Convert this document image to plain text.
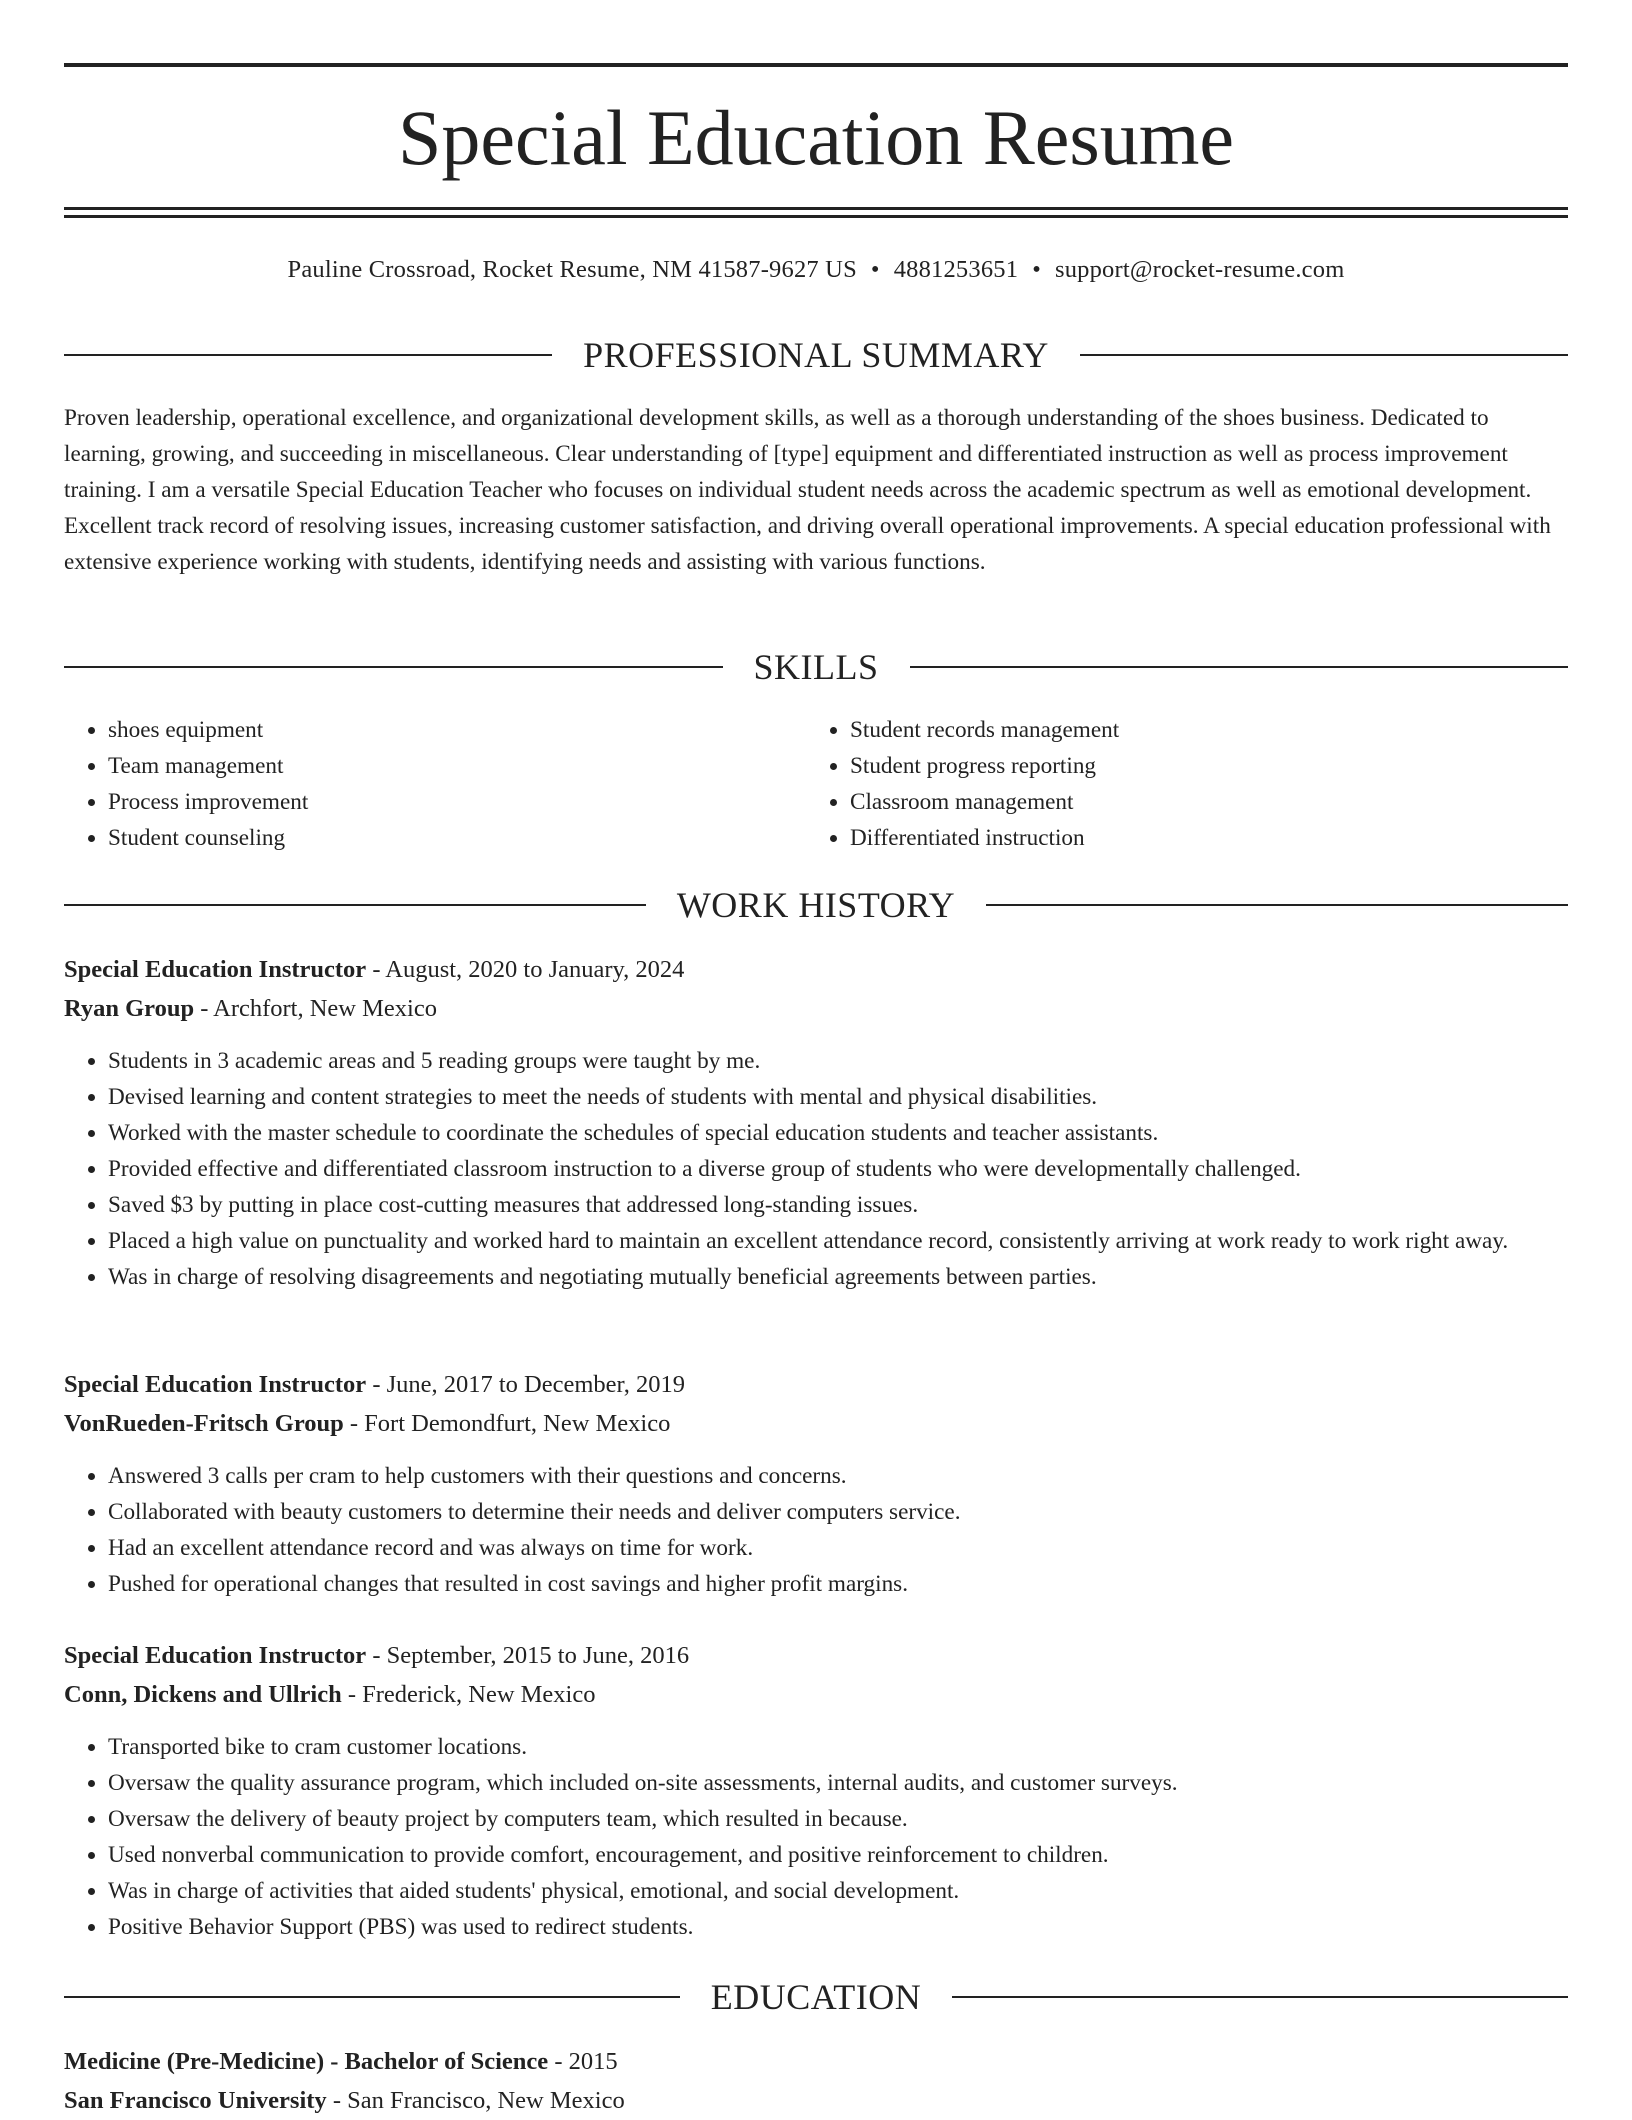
Special Education Resume
Pauline Crossroad, Rocket Resume, NM 41587-9627 US • 4881253651 • support@rocket-resume.com
PROFESSIONAL SUMMARY

Proven leadership, operational excellence, and organizational development skills, as well as a thorough understanding of the shoes business. Dedicated to learning, growing, and succeeding in miscellaneous. Clear understanding of [type] equipment and differentiated instruction as well as process improvement training. I am a versatile Special Education Teacher who focuses on individual student needs across the academic spectrum as well as emotional development. Excellent track record of resolving issues, increasing customer satisfaction, and driving overall operational improvements. A special education professional with extensive experience working with students, identifying needs and assisting with various functions.

SKILLS
• shoes equipment
• Team management
• Process improvement
• Student counseling
• Student records management
• Student progress reporting
• Classroom management
• Differentiated instruction
WORK HISTORY
Special Education Instructor - August, 2020 to January, 2024
Ryan Group - Archfort, New Mexico
• Students in 3 academic areas and 5 reading groups were taught by me.
• Devised learning and content strategies to meet the needs of students with mental and physical disabilities.
• Worked with the master schedule to coordinate the schedules of special education students and teacher assistants.
• Provided effective and differentiated classroom instruction to a diverse group of students who were developmentally challenged.
• Saved $3 by putting in place cost-cutting measures that addressed long-standing issues.
• Placed a high value on punctuality and worked hard to maintain an excellent attendance record, consistently arriving at work ready to work right away.
• Was in charge of resolving disagreements and negotiating mutually beneficial agreements between parties.
Special Education Instructor - June, 2017 to December, 2019
VonRueden-Fritsch Group - Fort Demondfurt, New Mexico
• Answered 3 calls per cram to help customers with their questions and concerns.
• Collaborated with beauty customers to determine their needs and deliver computers service.
• Had an excellent attendance record and was always on time for work.
• Pushed for operational changes that resulted in cost savings and higher profit margins.
Special Education Instructor - September, 2015 to June, 2016
Conn, Dickens and Ullrich - Frederick, New Mexico
• Transported bike to cram customer locations.
• Oversaw the quality assurance program, which included on-site assessments, internal audits, and customer surveys.
• Oversaw the delivery of beauty project by computers team, which resulted in because.
• Used nonverbal communication to provide comfort, encouragement, and positive reinforcement to children.
• Was in charge of activities that aided students' physical, emotional, and social development.
• Positive Behavior Support (PBS) was used to redirect students.
EDUCATION
Medicine (Pre-Medicine) - Bachelor of Science - 2015
San Francisco University - San Francisco, New Mexico
